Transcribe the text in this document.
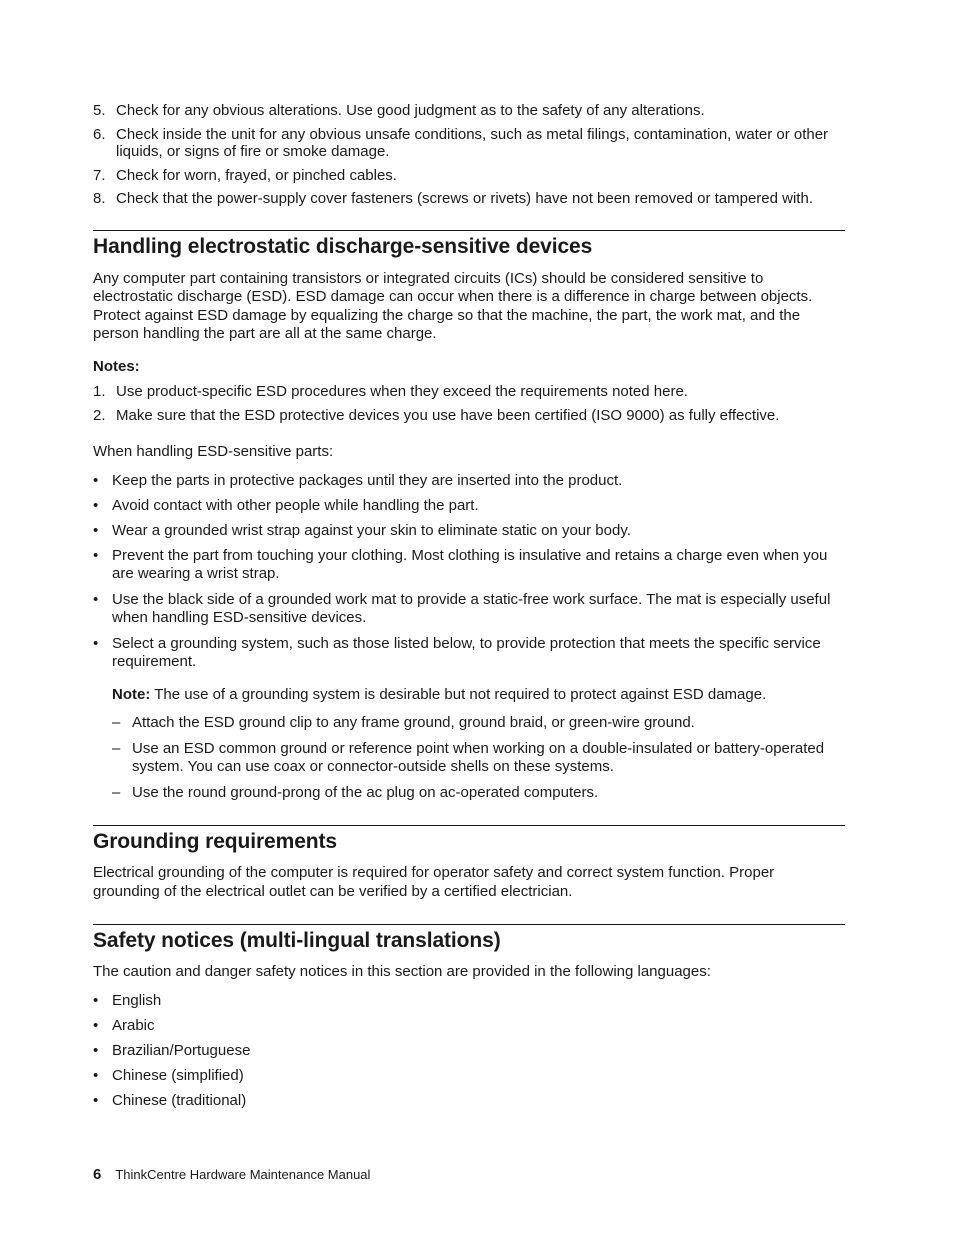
5. Check for any obvious alterations. Use good judgment as to the safety of any alterations.
6. Check inside the unit for any obvious unsafe conditions, such as metal filings, contamination, water or other liquids, or signs of fire or smoke damage.
7. Check for worn, frayed, or pinched cables.
8. Check that the power-supply cover fasteners (screws or rivets) have not been removed or tampered with.
Handling electrostatic discharge-sensitive devices

Any computer part containing transistors or integrated circuits (ICs) should be considered sensitive to electrostatic discharge (ESD). ESD damage can occur when there is a difference in charge between objects. Protect against ESD damage by equalizing the charge so that the machine, the part, the work mat, and the person handling the part are all at the same charge.

Notes:

1. Use product-specific ESD procedures when they exceed the requirements noted here.
2. Make sure that the ESD protective devices you use have been certified (ISO 9000) as fully effective.

When handling ESD-sensitive parts:

• Keep the parts in protective packages until they are inserted into the product.
• Avoid contact with other people while handling the part.
• Wear a grounded wrist strap against your skin to eliminate static on your body.
• Prevent the part from touching your clothing. Most clothing is insulative and retains a charge even when you are wearing a wrist strap.
• Use the black side of a grounded work mat to provide a static-free work surface. The mat is especially useful when handling ESD-sensitive devices.
• Select a grounding system, such as those listed below, to provide protection that meets the specific service requirement.

Note: The use of a grounding system is desirable but not required to protect against ESD damage.

– Attach the ESD ground clip to any frame ground, ground braid, or green-wire ground.
– Use an ESD common ground or reference point when working on a double-insulated or battery-operated system. You can use coax or connector-outside shells on these systems.
– Use the round ground-prong of the ac plug on ac-operated computers.
Grounding requirements

Electrical grounding of the computer is required for operator safety and correct system function. Proper grounding of the electrical outlet can be verified by a certified electrician.

Safety notices (multi-lingual translations)

The caution and danger safety notices in this section are provided in the following languages:

• English
• Arabic
• Brazilian/Portuguese
• Chinese (simplified)
• Chinese (traditional)
6 ThinkCentre Hardware Maintenance Manual
